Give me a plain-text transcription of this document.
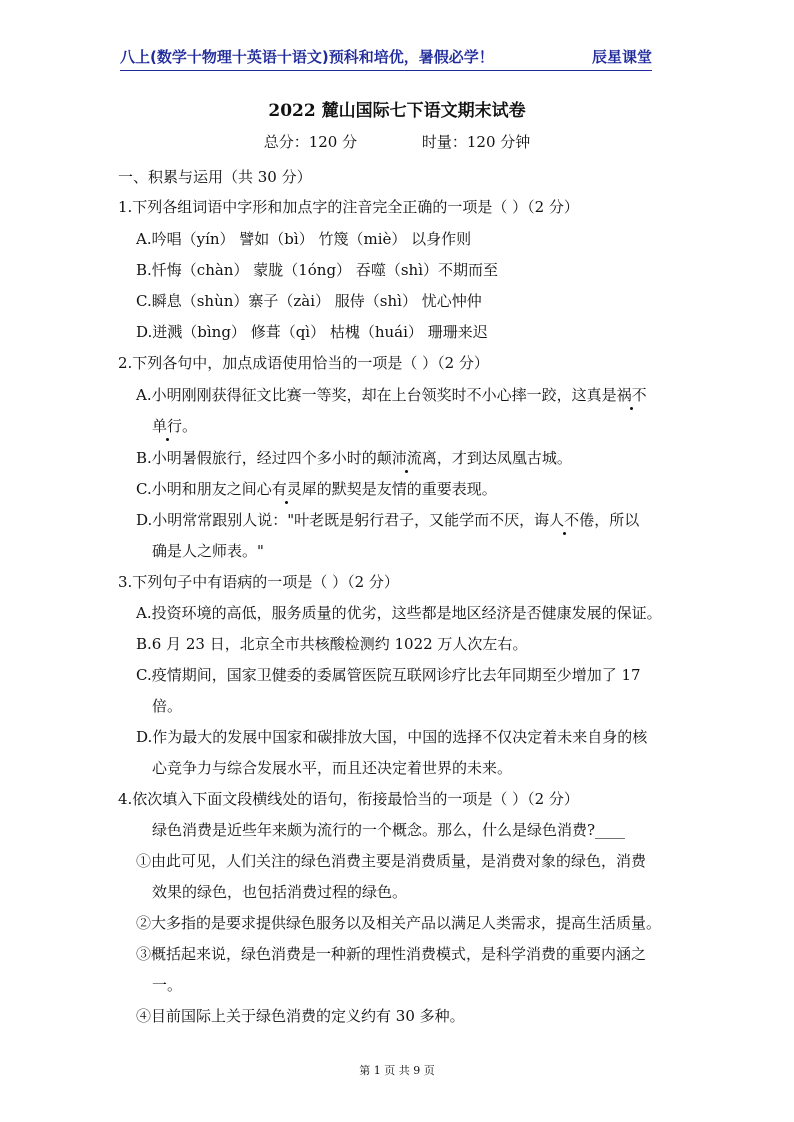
八上(数学十物理十英语十语文)预科和培优，暑假必学！	辰星课堂
2022 麓山国际七下语文期末试卷
总分：120 分	时量：120 分钟
一、积累与运用（共 30 分）
1.下列各组词语中字形和加点字的注音完全正确的一项是（ ）（2 分）
A.吟唱（yín） 譬如（bì） 竹篾（miè） 以身作则
B.忏悔（chàn） 蒙胧（1óng） 吞噬（shì）不期而至
C.瞬息（shùn）寨子（zài） 服侍（shì） 忧心忡仲
D.迸溅（bìng） 修葺（qì） 枯槐（huái） 珊珊来迟
2.下列各句中，加点成语使用恰当的一项是（ ）（2 分）
A.小明刚刚获得征文比赛一等奖，却在上台领奖时不小心摔一跤，这真是祸不
单行。
B.小明暑假旅行，经过四个多小时的颠沛流离，才到达凤凰古城。
C.小明和朋友之间心有灵犀的默契是友情的重要表现。
D.小明常常跟别人说："叶老既是躬行君子，又能学而不厌，诲人不倦，所以
确是人之师表。"
3.下列句子中有语病的一项是（ ）（2 分）
A.投资环境的高低，服务质量的优劣，这些都是地区经济是否健康发展的保证。
B.6 月 23 日，北京全市共核酸检测约 1022 万人次左右。
C.疫情期间，国家卫健委的委属管医院互联网诊疗比去年同期至少增加了 17
倍。
D.作为最大的发展中国家和碳排放大国，中国的选择不仅决定着未来自身的核
心竞争力与综合发展水平，而且还决定着世界的未来。
4.依次填入下面文段横线处的语句，衔接最恰当的一项是（ ）（2 分）
绿色消费是近些年来颇为流行的一个概念。那么，什么是绿色消费?____
①由此可见，人们关注的绿色消费主要是消费质量，是消费对象的绿色，消费
效果的绿色，也包括消费过程的绿色。
②大多指的是要求提供绿色服务以及相关产品以满足人类需求，提高生活质量。
③概括起来说，绿色消费是一种新的理性消费模式，是科学消费的重要内涵之
一。
④目前国际上关于绿色消费的定义约有 30 多种。
第 1 页 共 9 页
